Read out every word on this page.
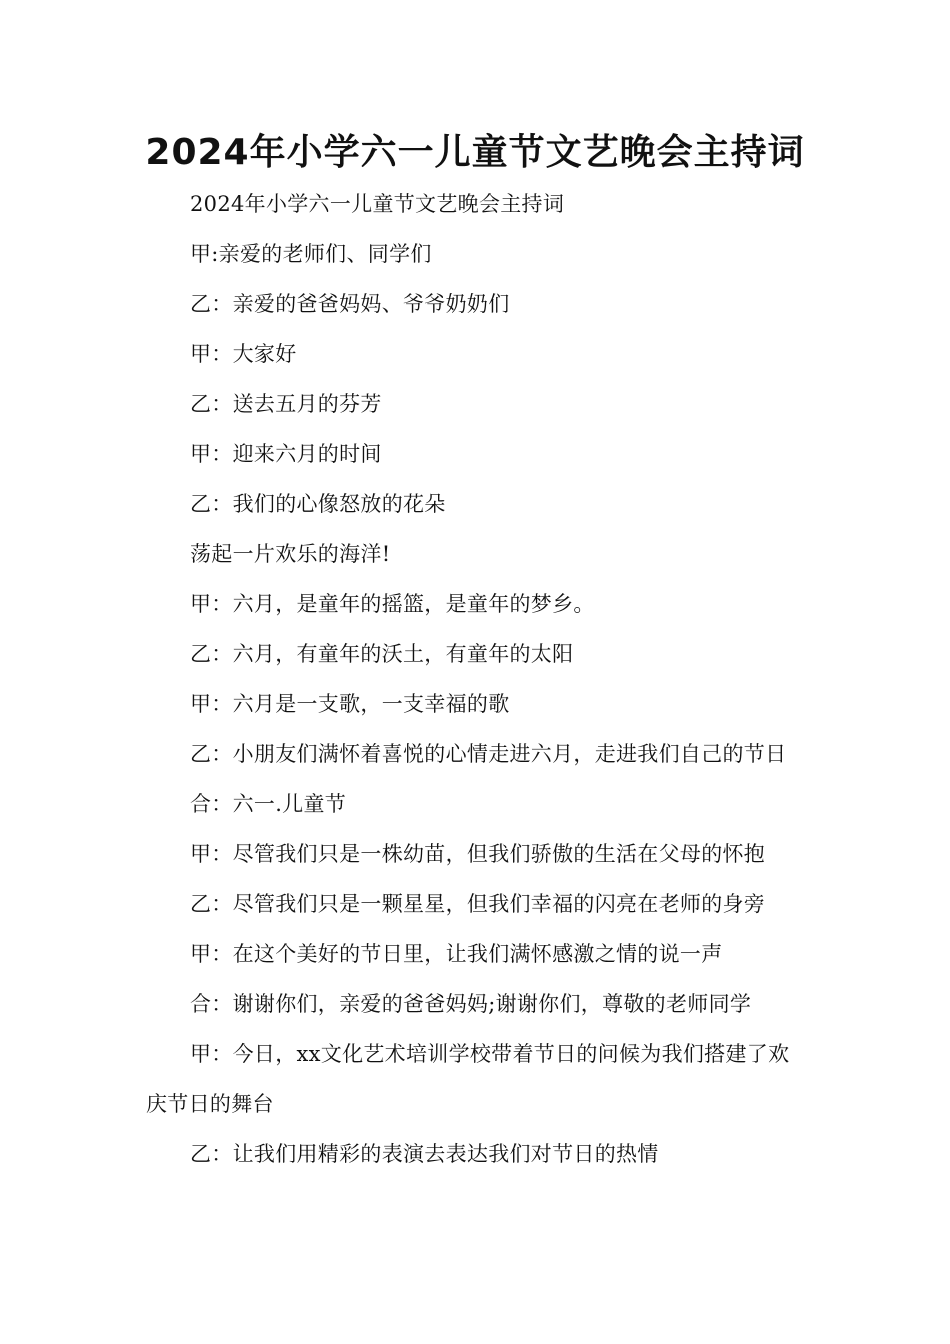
2024年小学六一儿童节文艺晚会主持词

2024年小学六一儿童节文艺晚会主持词

甲:亲爱的老师们、同学们

乙：亲爱的爸爸妈妈、爷爷奶奶们

甲：大家好

乙：送去五月的芬芳

甲：迎来六月的时间

乙：我们的心像怒放的花朵

荡起一片欢乐的海洋!

甲：六月，是童年的摇篮，是童年的梦乡。

乙：六月，有童年的沃土，有童年的太阳

甲：六月是一支歌，一支幸福的歌

乙：小朋友们满怀着喜悦的心情走进六月，走进我们自己的节日

合：六一.儿童节

甲：尽管我们只是一株幼苗，但我们骄傲的生活在父母的怀抱

乙：尽管我们只是一颗星星，但我们幸福的闪亮在老师的身旁

甲：在这个美好的节日里，让我们满怀感激之情的说一声

合：谢谢你们，亲爱的爸爸妈妈;谢谢你们，尊敬的老师同学

甲：今日，xx文化艺术培训学校带着节日的问候为我们搭建了欢庆节日的舞台

乙：让我们用精彩的表演去表达我们对节日的热情
